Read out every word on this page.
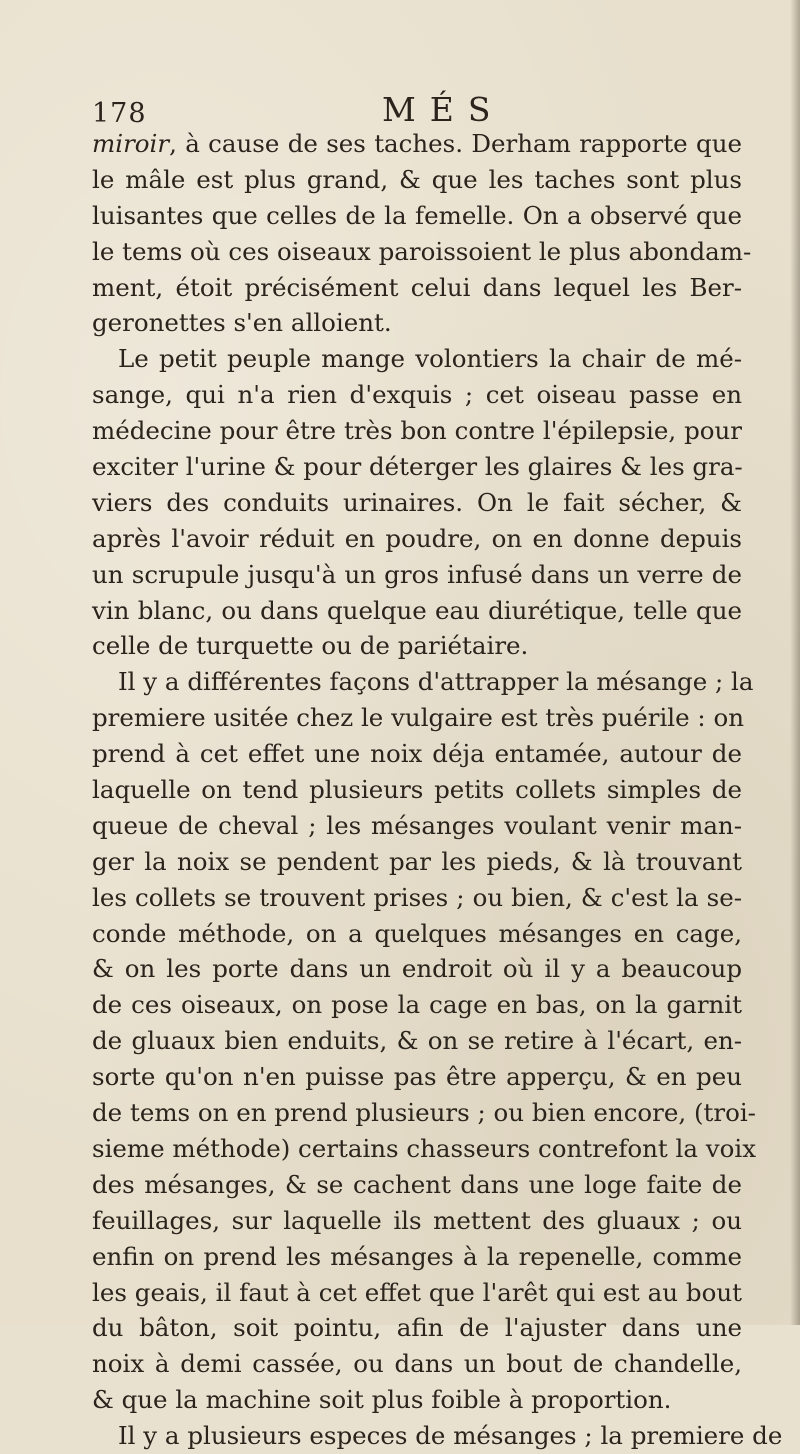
178	MÉS
miroir, à cause de ses taches. Derham rapporte que
le mâle est plus grand, & que les taches sont plus
luisantes que celles de la femelle. On a observé que
le tems où ces oiseaux paroissoient le plus abondam-
ment, étoit précisément celui dans lequel les Ber-
geronettes s'en alloient.
Le petit peuple mange volontiers la chair de mé-
sange, qui n'a rien d'exquis ; cet oiseau passe en
médecine pour être très bon contre l'épilepsie, pour
exciter l'urine & pour déterger les glaires & les gra-
viers des conduits urinaires. On le fait sécher, &
après l'avoir réduit en poudre, on en donne depuis
un scrupule jusqu'à un gros infusé dans un verre de
vin blanc, ou dans quelque eau diurétique, telle que
celle de turquette ou de pariétaire.
Il y a différentes façons d'attrapper la mésange ; la
premiere usitée chez le vulgaire est très puérile : on
prend à cet effet une noix déja entamée, autour de
laquelle on tend plusieurs petits collets simples de
queue de cheval ; les mésanges voulant venir man-
ger la noix se pendent par les pieds, & là trouvant
les collets se trouvent prises ; ou bien, & c'est la se-
conde méthode, on a quelques mésanges en cage,
& on les porte dans un endroit où il y a beaucoup
de ces oiseaux, on pose la cage en bas, on la garnit
de gluaux bien enduits, & on se retire à l'écart, en-
sorte qu'on n'en puisse pas être apperçu, & en peu
de tems on en prend plusieurs ; ou bien encore, (troi-
sieme méthode) certains chasseurs contrefont la voix
des mésanges, & se cachent dans une loge faite de
feuillages, sur laquelle ils mettent des gluaux ; ou
enfin on prend les mésanges à la repenelle, comme
les geais, il faut à cet effet que l'arêt qui est au bout
du bâton, soit pointu, afin de l'ajuster dans une
noix à demi cassée, ou dans un bout de chandelle,
& que la machine soit plus foible à proportion.
Il y a plusieurs especes de mésanges ; la premiere de
